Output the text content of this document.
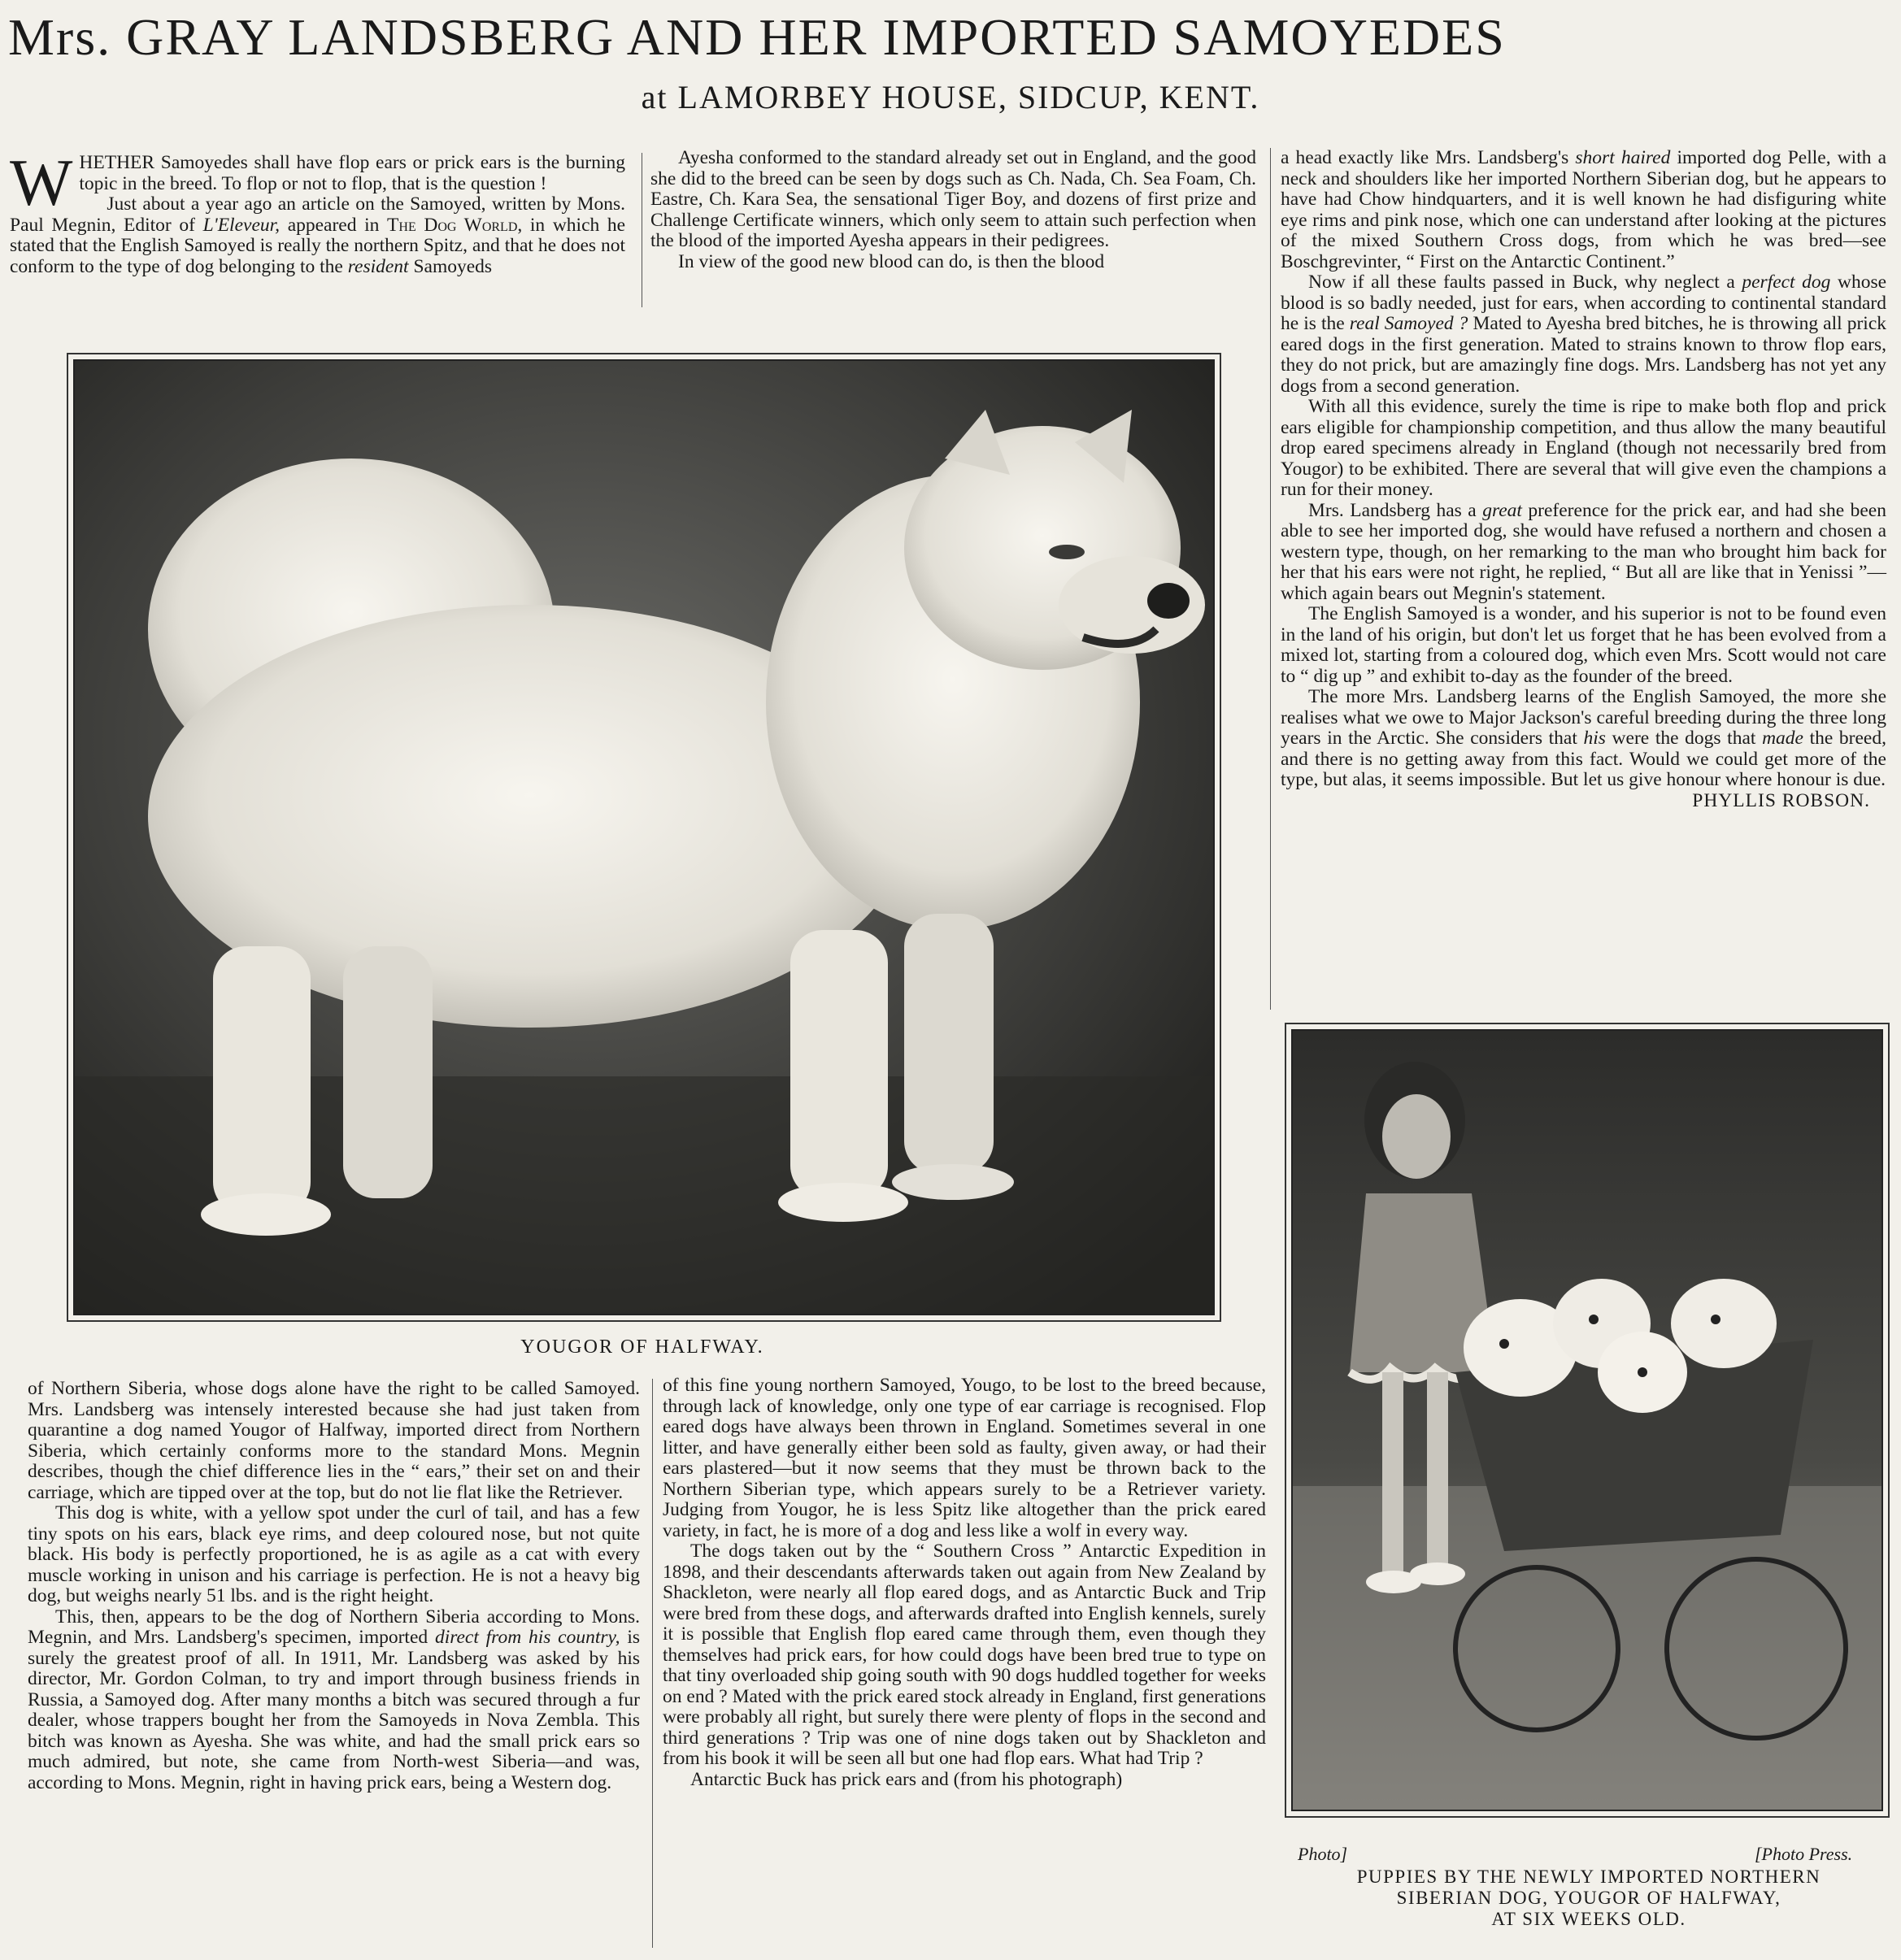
Mrs. GRAY LANDSBERG AND HER IMPORTED SAMOYEDES
at LAMORBEY HOUSE, SIDCUP, KENT.

WHETHER Samoyedes shall have flop ears or prick ears is the burning topic in the breed. To flop or not to flop, that is the question !

Just about a year ago an article on the Samoyed, written by Mons. Paul Megnin, Editor of L'Eleveur, appeared in The Dog World, in which he stated that the English Samoyed is really the northern Spitz, and that he does not conform to the type of dog belonging to the resident Samoyeds

Ayesha conformed to the standard already set out in England, and the good she did to the breed can be seen by dogs such as Ch. Nada, Ch. Sea Foam, Ch. Eastre, Ch. Kara Sea, the sensational Tiger Boy, and dozens of first prize and Challenge Certificate winners, which only seem to attain such perfection when the blood of the imported Ayesha appears in their pedigrees.

In view of the good new blood can do, is then the blood

a head exactly like Mrs. Landsberg's short haired imported dog Pelle, with a neck and shoulders like her imported Northern Siberian dog, but he appears to have had Chow hindquarters, and it is well known he had disfiguring white eye rims and pink nose, which one can understand after looking at the pictures of the mixed Southern Cross dogs, from which he was bred—see Boschgrevinter, “ First on the Antarctic Continent.”

Now if all these faults passed in Buck, why neglect a perfect dog whose blood is so badly needed, just for ears, when according to continental standard he is the real Samoyed ? Mated to Ayesha bred bitches, he is throwing all prick eared dogs in the first generation. Mated to strains known to throw flop ears, they do not prick, but are amazingly fine dogs. Mrs. Landsberg has not yet any dogs from a second generation.

With all this evidence, surely the time is ripe to make both flop and prick ears eligible for championship competition, and thus allow the many beautiful drop eared specimens already in England (though not necessarily bred from Yougor) to be exhibited. There are several that will give even the champions a run for their money.

Mrs. Landsberg has a great preference for the prick ear, and had she been able to see her imported dog, she would have refused a northern and chosen a western type, though, on her remarking to the man who brought him back for her that his ears were not right, he replied, “ But all are like that in Yenissi ”—which again bears out Megnin's statement.

The English Samoyed is a wonder, and his superior is not to be found even in the land of his origin, but don't let us forget that he has been evolved from a mixed lot, starting from a coloured dog, which even Mrs. Scott would not care to “ dig up ” and exhibit to-day as the founder of the breed.

The more Mrs. Landsberg learns of the English Samoyed, the more she realises what we owe to Major Jackson's careful breeding during the three long years in the Arctic. She considers that his were the dogs that made the breed, and there is no getting away from this fact. Would we could get more of the type, but alas, it seems impossible. But let us give honour where honour is due.

PHYLLIS ROBSON.

YOUGOR OF HALFWAY.
Photo]	[Photo Press.
PUPPIES BY THE NEWLY IMPORTED NORTHERN
SIBERIAN DOG, YOUGOR OF HALFWAY,
AT SIX WEEKS OLD.

of Northern Siberia, whose dogs alone have the right to be called Samoyed. Mrs. Landsberg was intensely interested because she had just taken from quarantine a dog named Yougor of Halfway, imported direct from Northern Siberia, which certainly conforms more to the standard Mons. Megnin describes, though the chief difference lies in the “ ears,” their set on and their carriage, which are tipped over at the top, but do not lie flat like the Retriever.

This dog is white, with a yellow spot under the curl of tail, and has a few tiny spots on his ears, black eye rims, and deep coloured nose, but not quite black. His body is perfectly proportioned, he is as agile as a cat with every muscle working in unison and his carriage is perfection. He is not a heavy big dog, but weighs nearly 51 lbs. and is the right height.

This, then, appears to be the dog of Northern Siberia according to Mons. Megnin, and Mrs. Landsberg's specimen, imported direct from his country, is surely the greatest proof of all. In 1911, Mr. Landsberg was asked by his director, Mr. Gordon Colman, to try and import through business friends in Russia, a Samoyed dog. After many months a bitch was secured through a fur dealer, whose trappers bought her from the Samoyeds in Nova Zembla. This bitch was known as Ayesha. She was white, and had the small prick ears so much admired, but note, she came from North-west Siberia—and was, according to Mons. Megnin, right in having prick ears, being a Western dog.

of this fine young northern Samoyed, Yougo, to be lost to the breed because, through lack of knowledge, only one type of ear carriage is recognised. Flop eared dogs have always been thrown in England. Sometimes several in one litter, and have generally either been sold as faulty, given away, or had their ears plastered—but it now seems that they must be thrown back to the Northern Siberian type, which appears surely to be a Retriever variety. Judging from Yougor, he is less Spitz like altogether than the prick eared variety, in fact, he is more of a dog and less like a wolf in every way.

The dogs taken out by the “ Southern Cross ” Antarctic Expedition in 1898, and their descendants afterwards taken out again from New Zealand by Shackleton, were nearly all flop eared dogs, and as Antarctic Buck and Trip were bred from these dogs, and afterwards drafted into English kennels, surely it is possible that English flop eared came through them, even though they themselves had prick ears, for how could dogs have been bred true to type on that tiny overloaded ship going south with 90 dogs huddled together for weeks on end ? Mated with the prick eared stock already in England, first generations were probably all right, but surely there were plenty of flops in the second and third generations ? Trip was one of nine dogs taken out by Shackleton and from his book it will be seen all but one had flop ears. What had Trip ?

Antarctic Buck has prick ears and (from his photograph)
